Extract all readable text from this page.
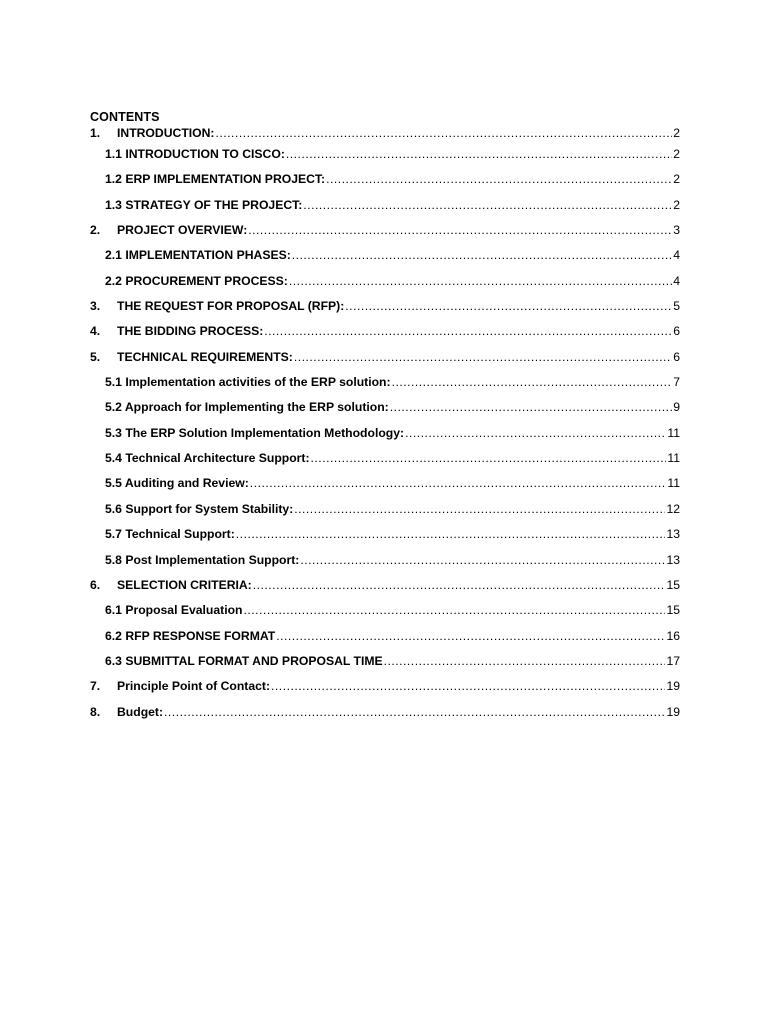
CONTENTS
1.	INTRODUCTION: .....	2
1.1 INTRODUCTION TO CISCO: .....	2
1.2 ERP IMPLEMENTATION PROJECT: .....	2
1.3 STRATEGY OF THE PROJECT: .....	2
2.	PROJECT OVERVIEW: .....	3
2.1 IMPLEMENTATION PHASES: .....	4
2.2 PROCUREMENT PROCESS: .....	4
3.	THE REQUEST FOR PROPOSAL (RFP): .....	5
4.	THE BIDDING PROCESS: .....	6
5.	TECHNICAL REQUIREMENTS: .....	6
5.1 Implementation activities of the ERP solution: .....	7
5.2 Approach for Implementing the ERP solution: .....	9
5.3 The ERP Solution Implementation Methodology: .....	11
5.4 Technical Architecture Support: .....	11
5.5 Auditing and Review: .....	11
5.6 Support for System Stability: .....	12
5.7 Technical Support: .....	13
5.8 Post Implementation Support: .....	13
6.	SELECTION CRITERIA: .....	15
6.1 Proposal Evaluation .....	15
6.2 RFP RESPONSE FORMAT .....	16
6.3 SUBMITTAL FORMAT AND PROPOSAL TIME .....	17
7.	Principle Point of Contact: .....	19
8.	Budget: .....	19
